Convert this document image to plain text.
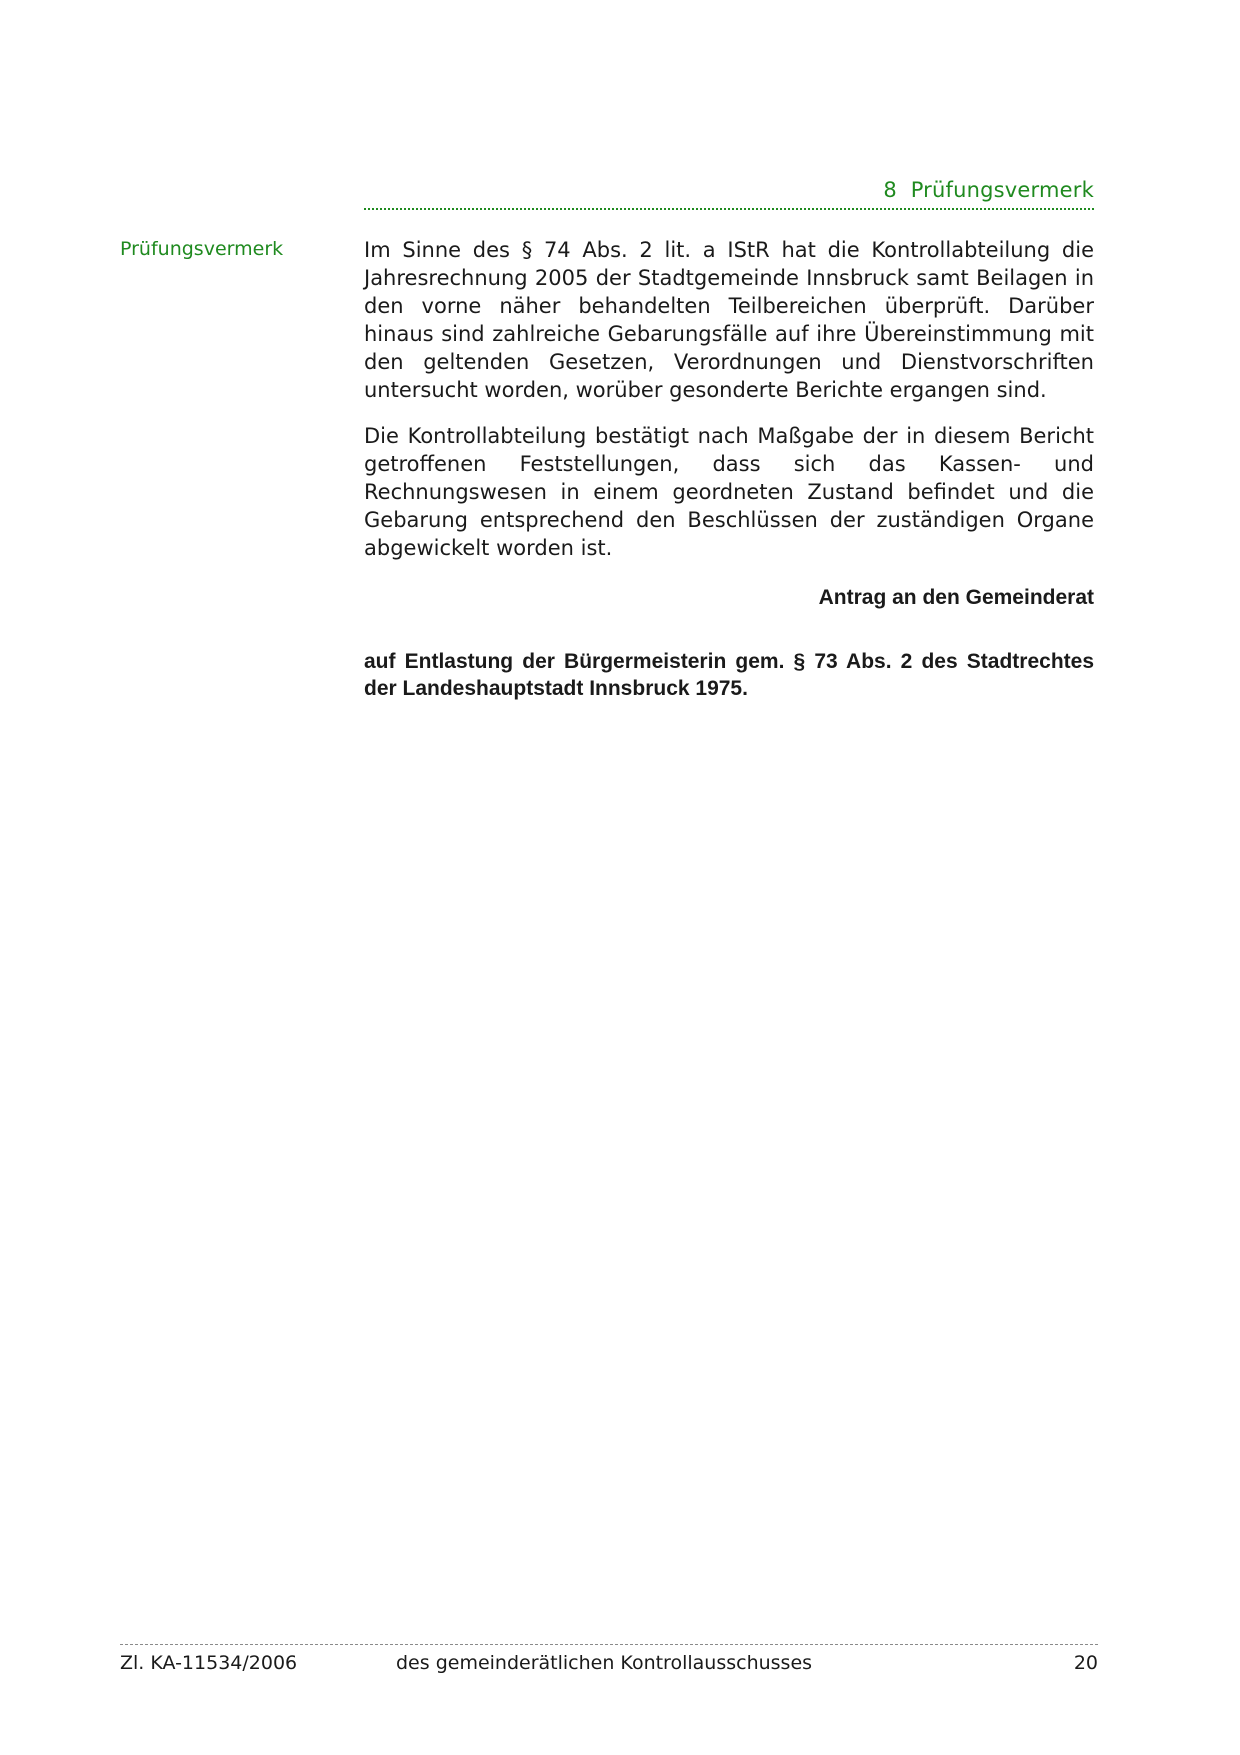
8 Prüfungsvermerk
Prüfungsvermerk	Im Sinne des § 74 Abs. 2 lit. a IStR hat die Kontrollabteilung die Jahresrechnung 2005 der Stadtgemeinde Innsbruck samt Beilagen in den vorne näher behandelten Teilbereichen überprüft. Darüber hinaus sind zahlreiche Gebarungsfälle auf ihre Übereinstimmung mit den geltenden Gesetzen, Verordnungen und Dienstvorschriften untersucht worden, worüber gesonderte Berichte ergangen sind.

Die Kontrollabteilung bestätigt nach Maßgabe der in diesem Bericht getroffenen Feststellungen, dass sich das Kassen- und Rechnungswesen in einem geordneten Zustand befindet und die Gebarung entsprechend den Beschlüssen der zuständigen Organe abgewickelt worden ist.

Antrag an den Gemeinderat
auf Entlastung der Bürgermeisterin gem. § 73 Abs. 2 des Stadtrechtes der Landeshauptstadt Innsbruck 1975.
Zl. KA-11534/2006	des gemeinderätlichen Kontrollausschusses	20
